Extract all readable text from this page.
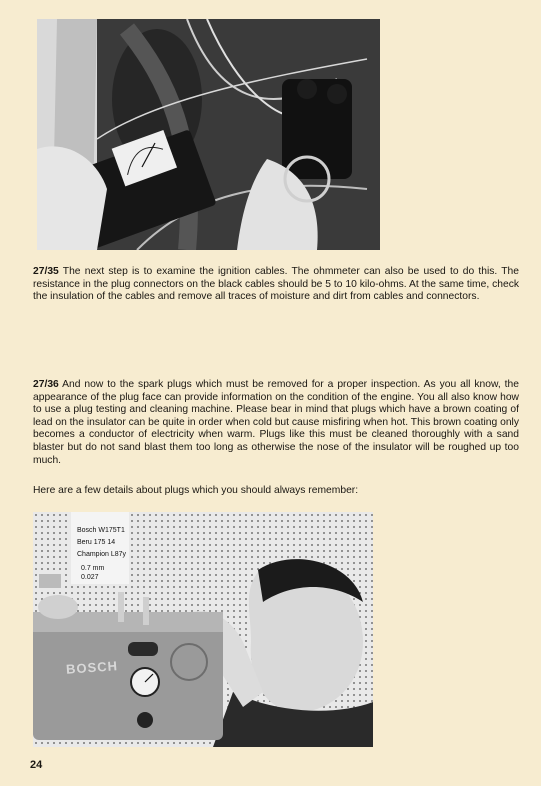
27/35 The next step is to examine the ignition cables. The ohmmeter can also be used to do this. The resistance in the plug connectors on the black cables should be 5 to 10 kilo-ohms. At the same time, check the insulation of the cables and remove all traces of moisture and dirt from cables and connectors.

27/36 And now to the spark plugs which must be removed for a proper inspection. As you all know, the appearance of the plug face can provide information on the condition of the engine. You all also know how to use a plug testing and cleaning machine. Please bear in mind that plugs which have a brown coating of lead on the insulator can be quite in order when cold but cause misfiring when hot. This brown coating only becomes a conductor of electricity when warm. Plugs like this must be cleaned thoroughly with a sand blaster but do not sand blast them too long as otherwise the nose of the insulator will be roughed up too much.

Here are a few details about plugs which you should always remember:

Bosch W175T1
Beru 175 14
Champion L87y
0.7 mm
0.027
BOSCH
24
